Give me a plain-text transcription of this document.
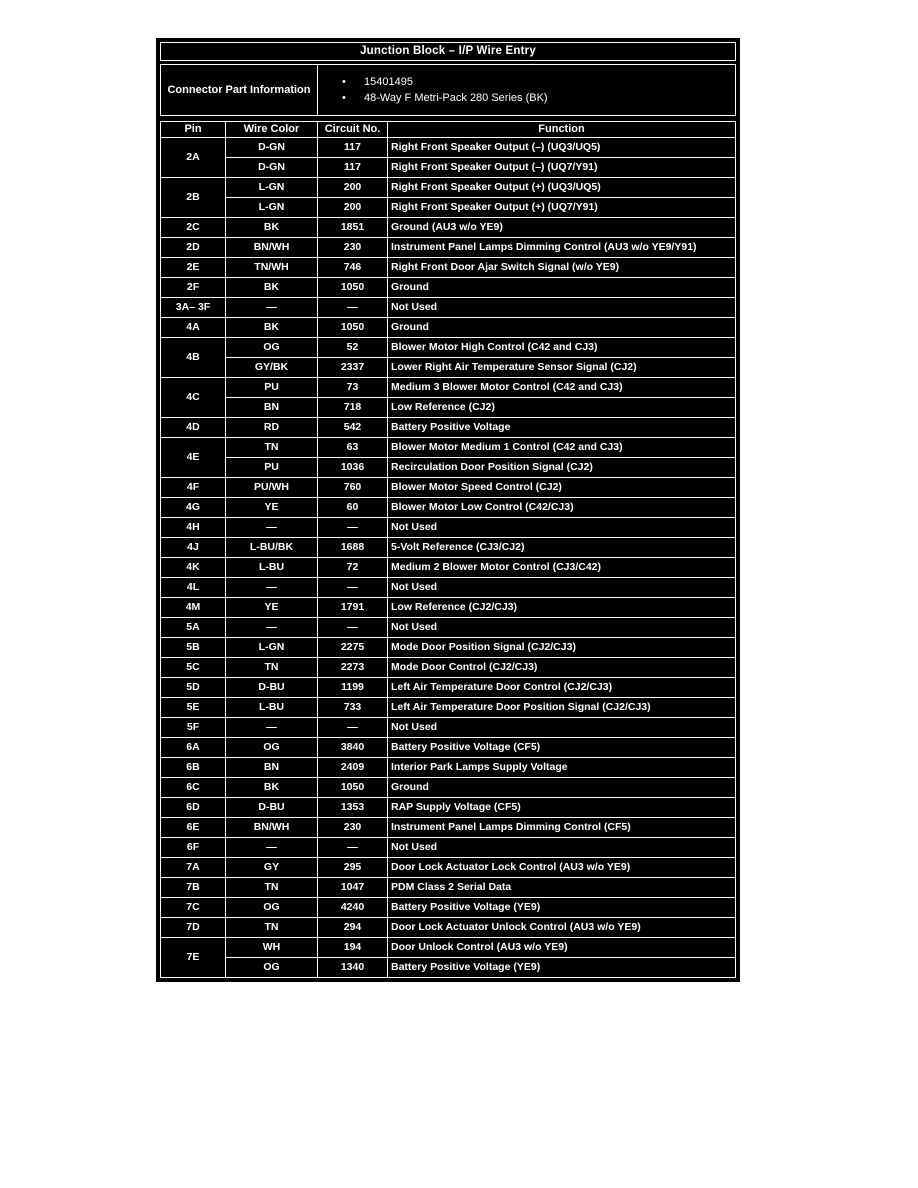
Junction Block – I/P Wire Entry
Connector Part Information	
•	15401495
•	48-Way F Metri-Pack 280 Series (BK)
Pin	Wire Color	Circuit No.	Function
2A	D-GN	117	Right Front Speaker Output (–) (UQ3/UQ5)
	D-GN	117	Right Front Speaker Output (–) (UQ7/Y91)
2B	L-GN	200	Right Front Speaker Output (+) (UQ3/UQ5)
	L-GN	200	Right Front Speaker Output (+) (UQ7/Y91)
2C	BK	1851	Ground (AU3 w/o YE9)
2D	BN/WH	230	Instrument Panel Lamps Dimming Control (AU3 w/o YE9/Y91)
2E	TN/WH	746	Right Front Door Ajar Switch Signal (w/o YE9)
2F	BK	1050	Ground
3A– 3F	—	—	Not Used
4A	BK	1050	Ground
4B	OG	52	Blower Motor High Control (C42 and CJ3)
	GY/BK	2337	Lower Right Air Temperature Sensor Signal (CJ2)
4C	PU	73	Medium 3 Blower Motor Control (C42 and CJ3)
	BN	718	Low Reference (CJ2)
4D	RD	542	Battery Positive Voltage
4E	TN	63	Blower Motor Medium 1 Control (C42 and CJ3)
	PU	1036	Recirculation Door Position Signal (CJ2)
4F	PU/WH	760	Blower Motor Speed Control (CJ2)
4G	YE	60	Blower Motor Low Control (C42/CJ3)
4H	—	—	Not Used
4J	L-BU/BK	1688	5-Volt Reference (CJ3/CJ2)
4K	L-BU	72	Medium 2 Blower Motor Control (CJ3/C42)
4L	—	—	Not Used
4M	YE	1791	Low Reference (CJ2/CJ3)
5A	—	—	Not Used
5B	L-GN	2275	Mode Door Position Signal (CJ2/CJ3)
5C	TN	2273	Mode Door Control (CJ2/CJ3)
5D	D-BU	1199	Left Air Temperature Door Control (CJ2/CJ3)
5E	L-BU	733	Left Air Temperature Door Position Signal (CJ2/CJ3)
5F	—	—	Not Used
6A	OG	3840	Battery Positive Voltage (CF5)
6B	BN	2409	Interior Park Lamps Supply Voltage
6C	BK	1050	Ground
6D	D-BU	1353	RAP Supply Voltage (CF5)
6E	BN/WH	230	Instrument Panel Lamps Dimming Control (CF5)
6F	—	—	Not Used
7A	GY	295	Door Lock Actuator Lock Control (AU3 w/o YE9)
7B	TN	1047	PDM Class 2 Serial Data
7C	OG	4240	Battery Positive Voltage (YE9)
7D	TN	294	Door Lock Actuator Unlock Control (AU3 w/o YE9)
7E	WH	194	Door Unlock Control (AU3 w/o YE9)
	OG	1340	Battery Positive Voltage (YE9)
